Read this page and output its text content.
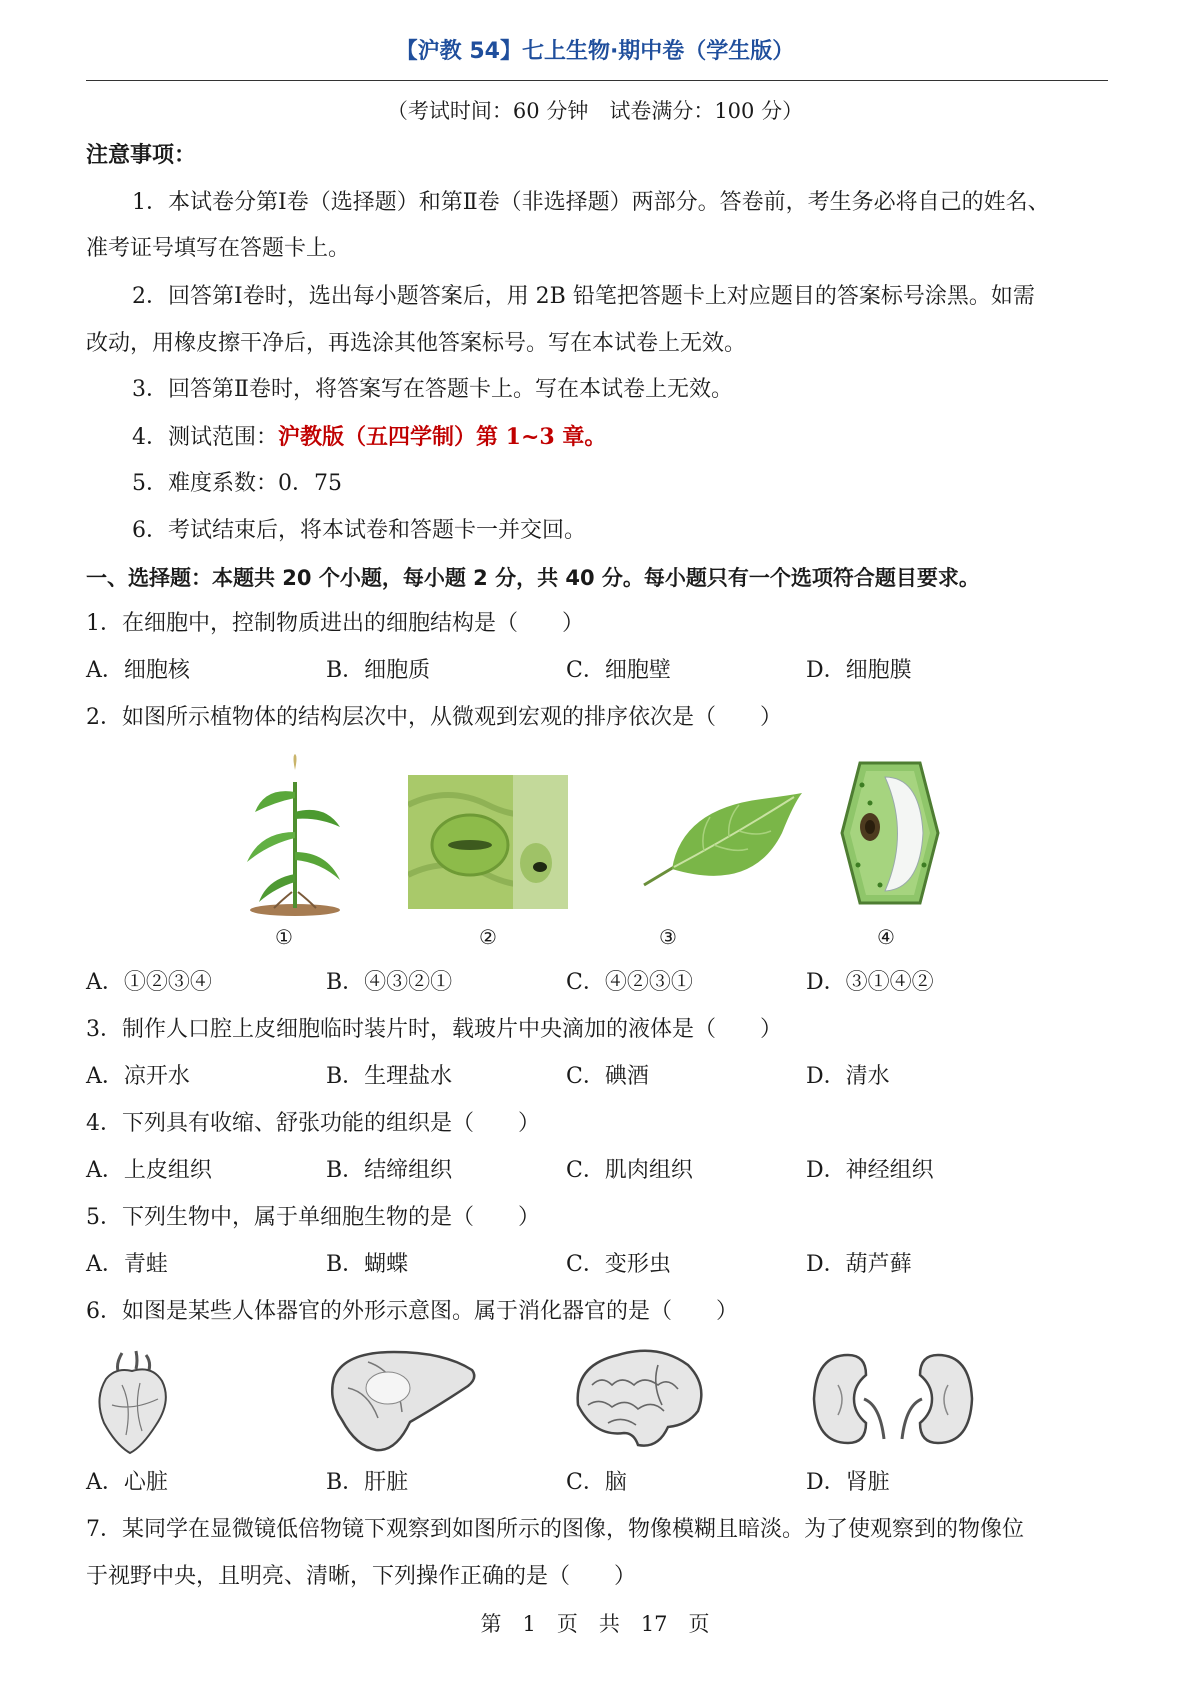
【沪教 54】七上生物·期中卷（学生版）
（考试时间：60 分钟　试卷满分：100 分）
注意事项：
1．本试卷分第Ⅰ卷（选择题）和第Ⅱ卷（非选择题）两部分。答卷前，考生务必将自己的姓名、
准考证号填写在答题卡上。
2．回答第Ⅰ卷时，选出每小题答案后，用 2B 铅笔把答题卡上对应题目的答案标号涂黑。如需
改动，用橡皮擦干净后，再选涂其他答案标号。写在本试卷上无效。
3．回答第Ⅱ卷时，将答案写在答题卡上。写在本试卷上无效。
4．测试范围：沪教版（五四学制）第 1~3 章。
5．难度系数：0．75
6．考试结束后，将本试卷和答题卡一并交回。
一、选择题：本题共 20 个小题，每小题 2 分，共 40 分。每小题只有一个选项符合题目要求。
1．在细胞中，控制物质进出的细胞结构是（　　）
A．细胞核	B．细胞质	C．细胞壁	D．细胞膜
2．如图所示植物体的结构层次中，从微观到宏观的排序依次是（　　）
①	②	③	④
A．①②③④	B．④③②①	C．④②③①	D．③①④②
3．制作人口腔上皮细胞临时装片时，载玻片中央滴加的液体是（　　）
A．凉开水	B．生理盐水	C．碘酒	D．清水
4．下列具有收缩、舒张功能的组织是（　　）
A．上皮组织	B．结缔组织	C．肌肉组织	D．神经组织
5．下列生物中，属于单细胞生物的是（　　）
A．青蛙	B．蝴蝶	C．变形虫	D．葫芦藓
6．如图是某些人体器官的外形示意图。属于消化器官的是（　　）
A．心脏	B．肝脏	C．脑	D．肾脏
7．某同学在显微镜低倍物镜下观察到如图所示的图像，物像模糊且暗淡。为了使观察到的物像位
于视野中央，且明亮、清晰，下列操作正确的是（　　）
第　1　页　共　17　页
